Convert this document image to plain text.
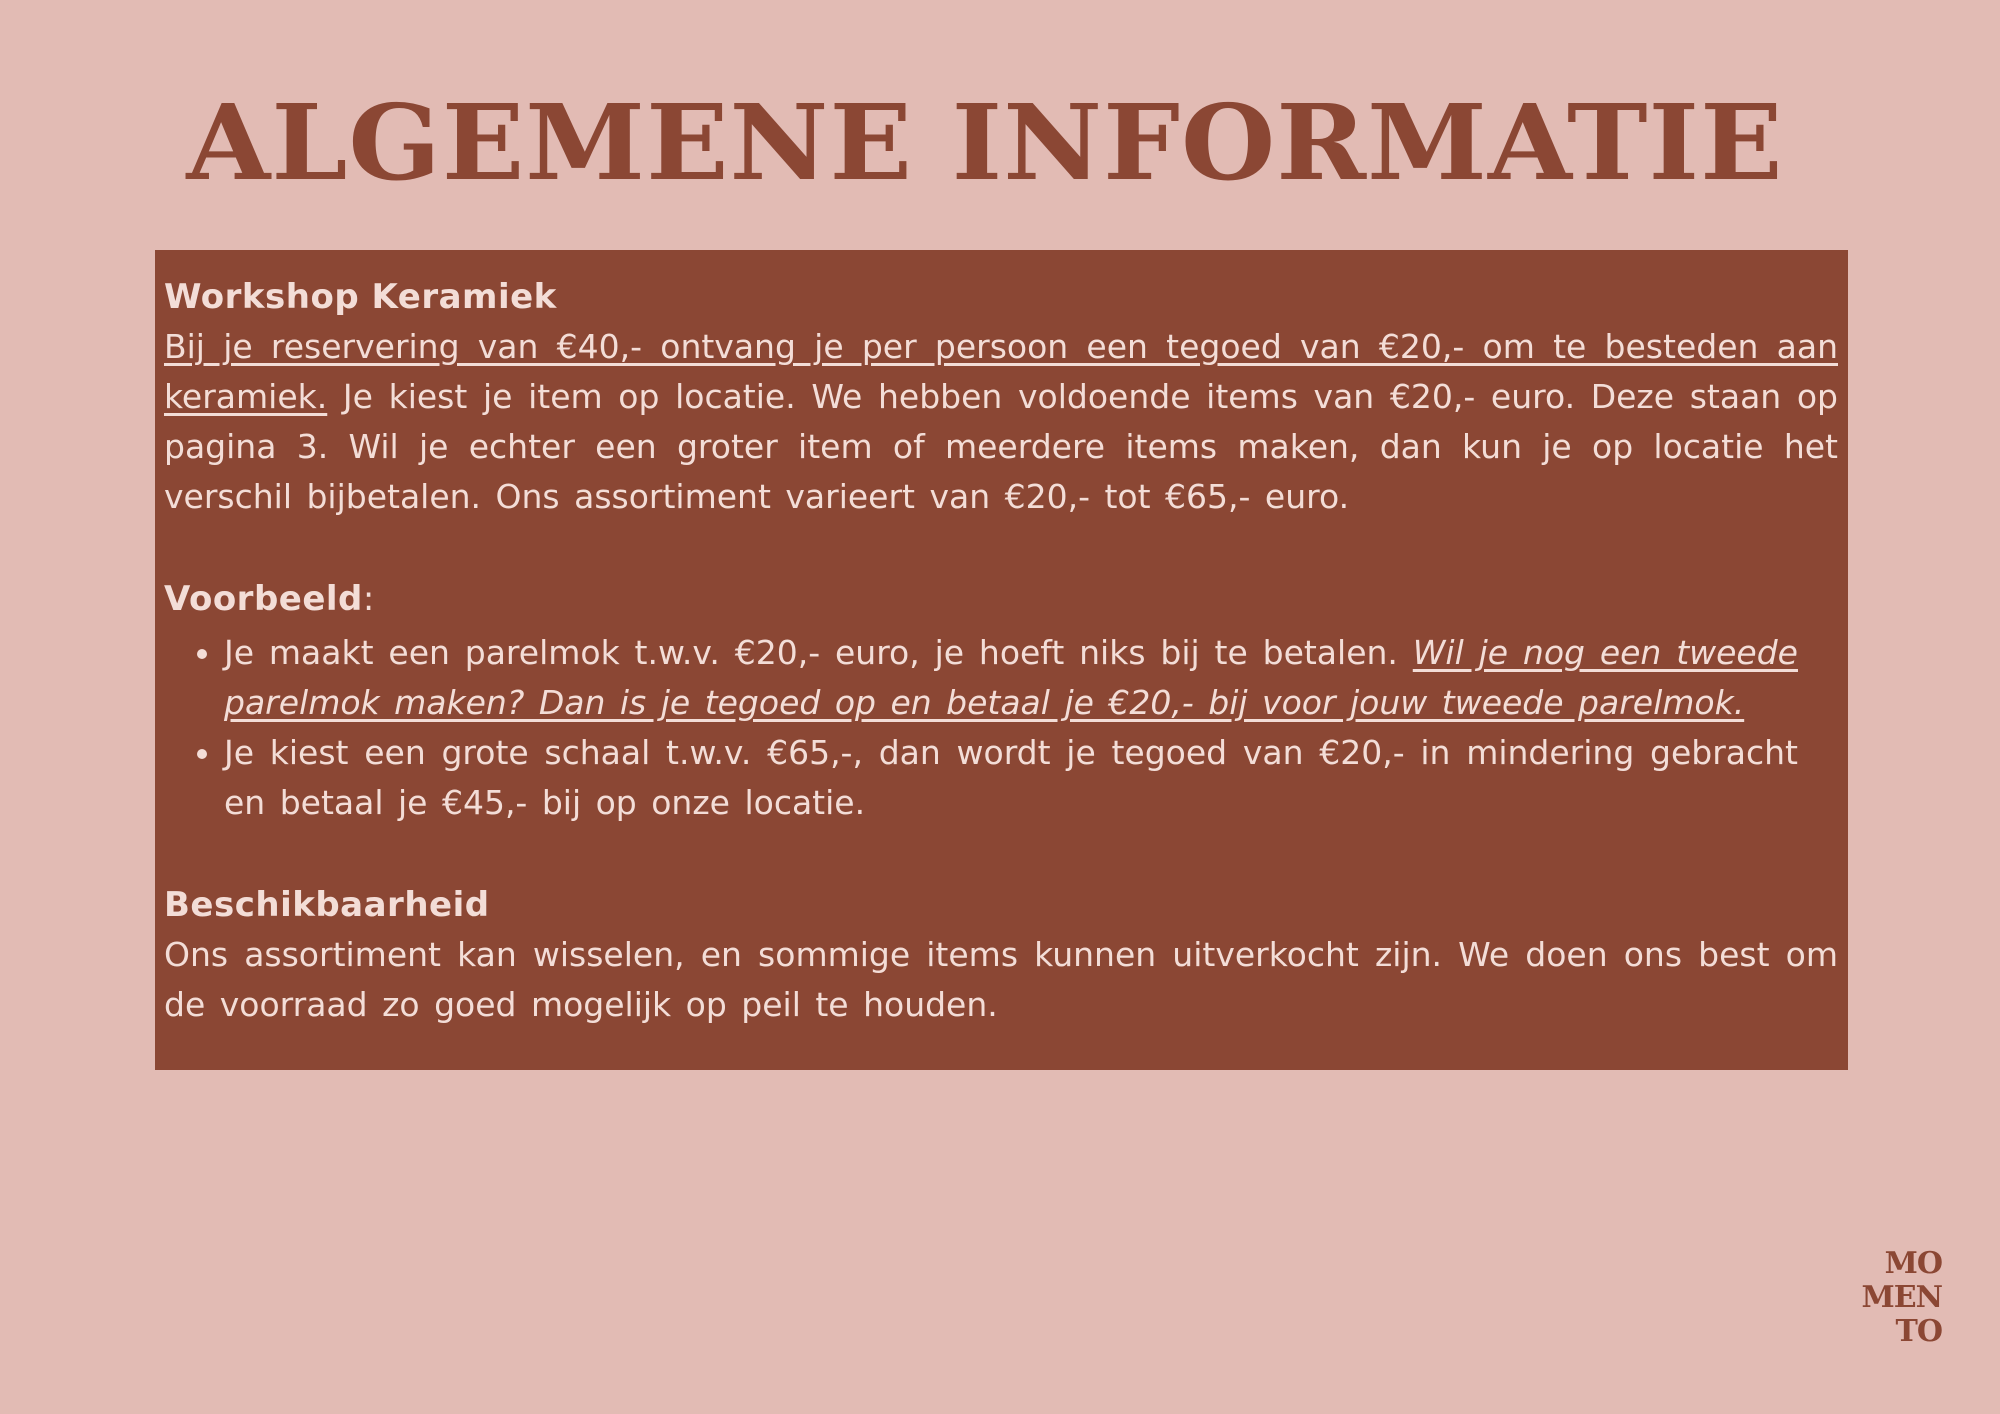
ALGEMENE INFORMATIE
Workshop Keramiek

Bij je reservering van €40,- ontvang je per persoon een tegoed van €20,- om te besteden aan keramiek. Je kiest je item op locatie. We hebben voldoende items van €20,- euro. Deze staan op pagina 3. Wil je echter een groter item of meerdere items maken, dan kun je op locatie het verschil bijbetalen. Ons assortiment varieert van €20,- tot €65,- euro.

Voorbeeld:
• Je maakt een parelmok t.w.v. €20,- euro, je hoeft niks bij te betalen. Wil je nog een tweede parelmok maken? Dan is je tegoed op en betaal je €20,- bij voor jouw tweede parelmok.
• Je kiest een grote schaal t.w.v. €65,-, dan wordt je tegoed van €20,- in mindering gebracht en betaal je €45,- bij op onze locatie.
Beschikbaarheid

Ons assortiment kan wisselen, en sommige items kunnen uitverkocht zijn. We doen ons best om de voorraad zo goed mogelijk op peil te houden.

MO
MEN
TO
